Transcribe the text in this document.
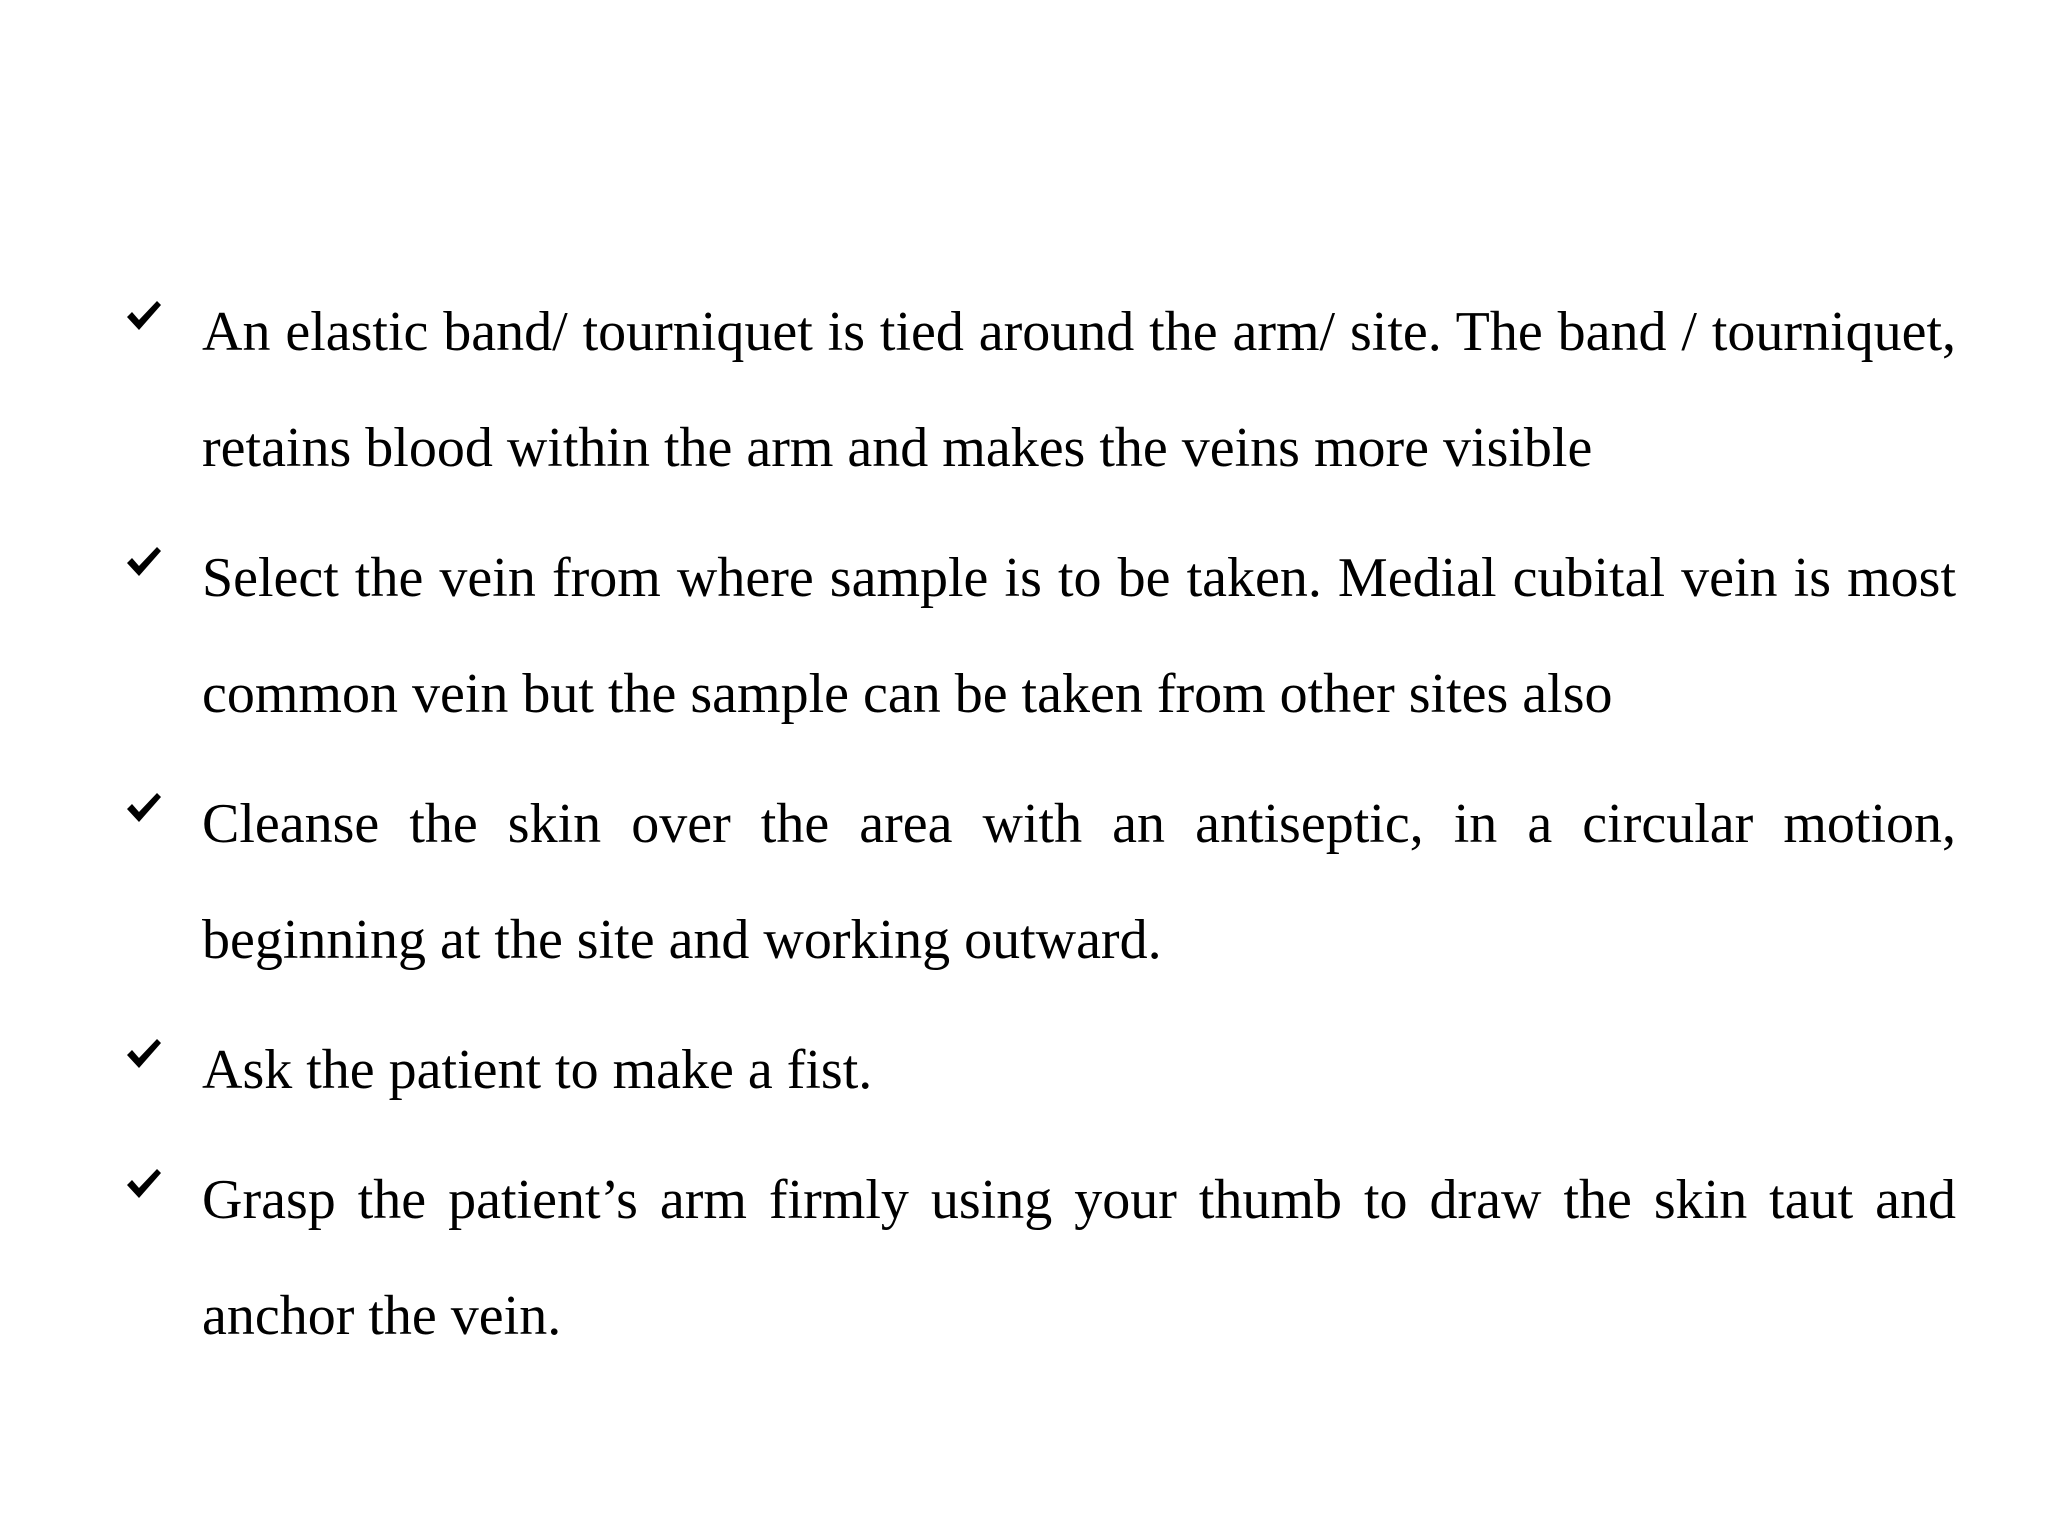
An elastic band/ tourniquet is tied around the arm/ site. The band / tourniquet, retains blood within the arm and makes the veins more visible

Select the vein from where sample is to be taken. Medial cubital vein is most common vein but the sample can be taken from other sites also

Cleanse the skin over the area with an antiseptic, in a circular motion, beginning at the site and working outward.

Ask the patient to make a fist.

Grasp the patient’s arm firmly using your thumb to draw the skin taut and anchor the vein.
